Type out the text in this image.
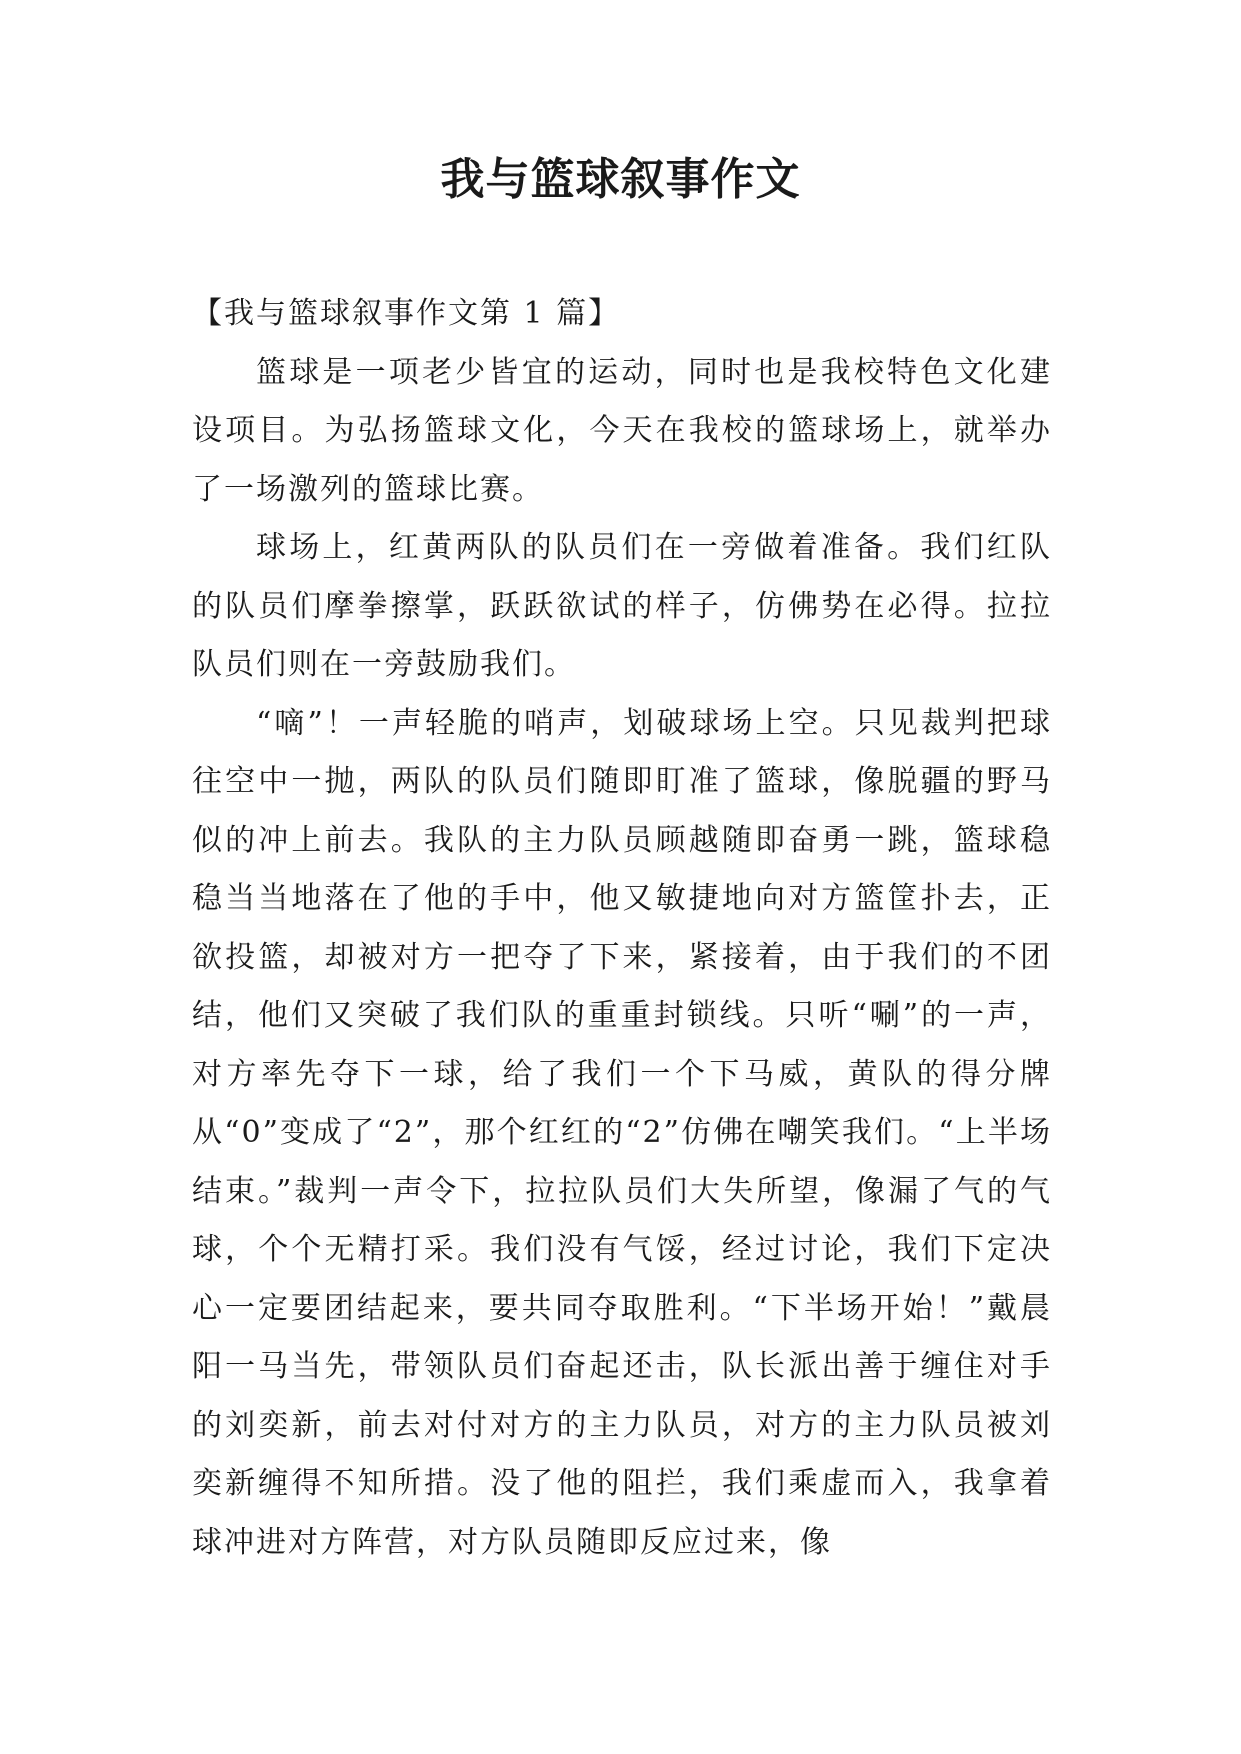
我与篮球叙事作文
【我与篮球叙事作文第 1 篇】

篮球是一项老少皆宜的运动，同时也是我校特色文化建设项目。为弘扬篮球文化，今天在我校的篮球场上，就举办了一场激列的篮球比赛。

球场上，红黄两队的队员们在一旁做着准备。我们红队的队员们摩拳擦掌，跃跃欲试的样子，仿佛势在必得。拉拉队员们则在一旁鼓励我们。

“嘀”！一声轻脆的哨声，划破球场上空。只见裁判把球往空中一抛，两队的队员们随即盯准了篮球，像脱疆的野马似的冲上前去。我队的主力队员顾越随即奋勇一跳，篮球稳稳当当地落在了他的手中，他又敏捷地向对方篮筐扑去，正欲投篮，却被对方一把夺了下来，紧接着，由于我们的不团结，他们又突破了我们队的重重封锁线。只听“唰”的一声，对方率先夺下一球，给了我们一个下马威，黄队的得分牌从“0”变成了“2”，那个红红的“2”仿佛在嘲笑我们。“上半场结束。”裁判一声令下，拉拉队员们大失所望，像漏了气的气球，个个无精打采。我们没有气馁，经过讨论，我们下定决心一定要团结起来，要共同夺取胜利。“下半场开始！”戴晨阳一马当先，带领队员们奋起还击，队长派出善于缠住对手的刘奕新，前去对付对方的主力队员，对方的主力队员被刘奕新缠得不知所措。没了他的阻拦，我们乘虚而入，我拿着球冲进对方阵营，对方队员随即反应过来，像
